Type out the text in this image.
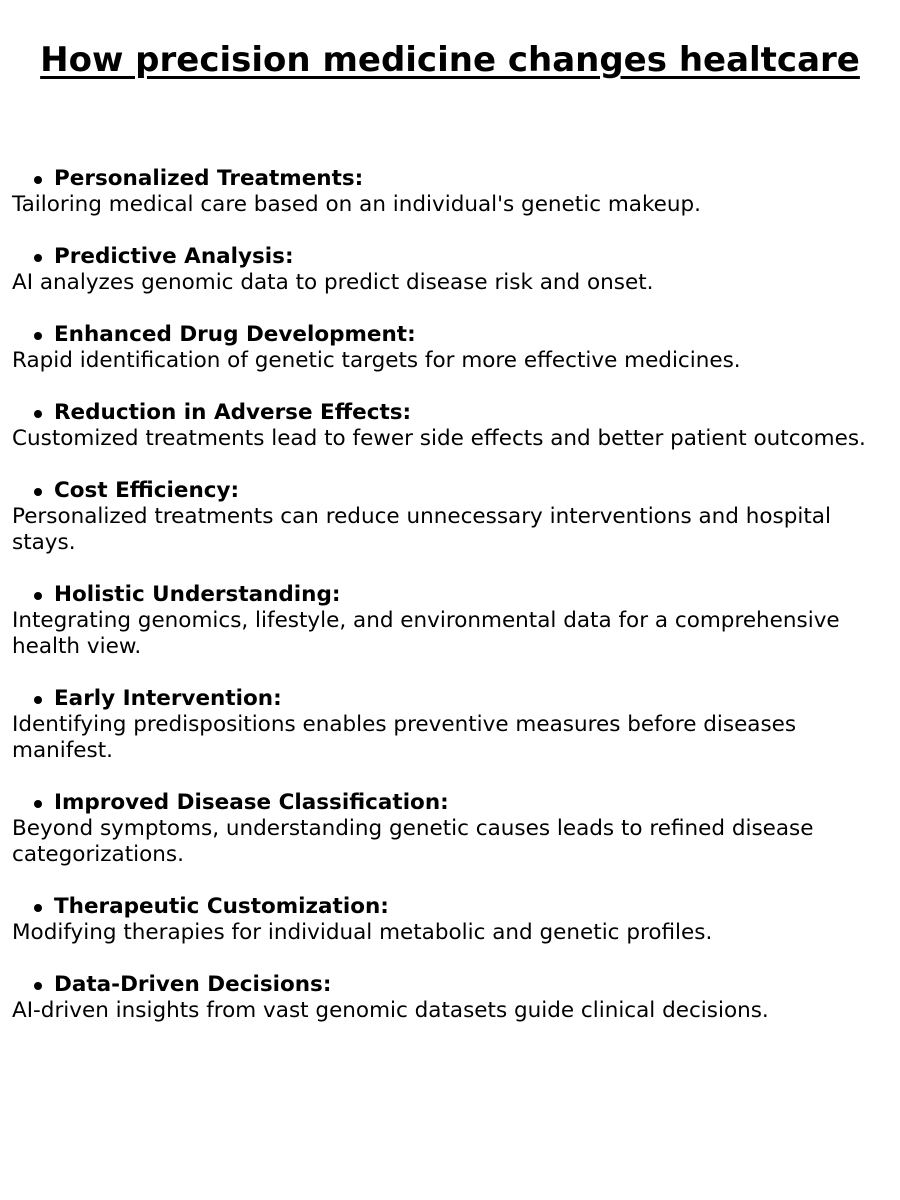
How precision medicine changes healtcare
Personalized Treatments:
Tailoring medical care based on an individual's genetic makeup.
Predictive Analysis:
AI analyzes genomic data to predict disease risk and onset.
Enhanced Drug Development:
Rapid identification of genetic targets for more effective medicines.
Reduction in Adverse Effects:
Customized treatments lead to fewer side effects and better patient outcomes.
Cost Efficiency:
Personalized treatments can reduce unnecessary interventions and hospital stays.
Holistic Understanding:
Integrating genomics, lifestyle, and environmental data for a comprehensive health view.
Early Intervention:
Identifying predispositions enables preventive measures before diseases manifest.
Improved Disease Classification:
Beyond symptoms, understanding genetic causes leads to refined disease categorizations.
Therapeutic Customization:
Modifying therapies for individual metabolic and genetic profiles.
Data-Driven Decisions:
AI-driven insights from vast genomic datasets guide clinical decisions.
